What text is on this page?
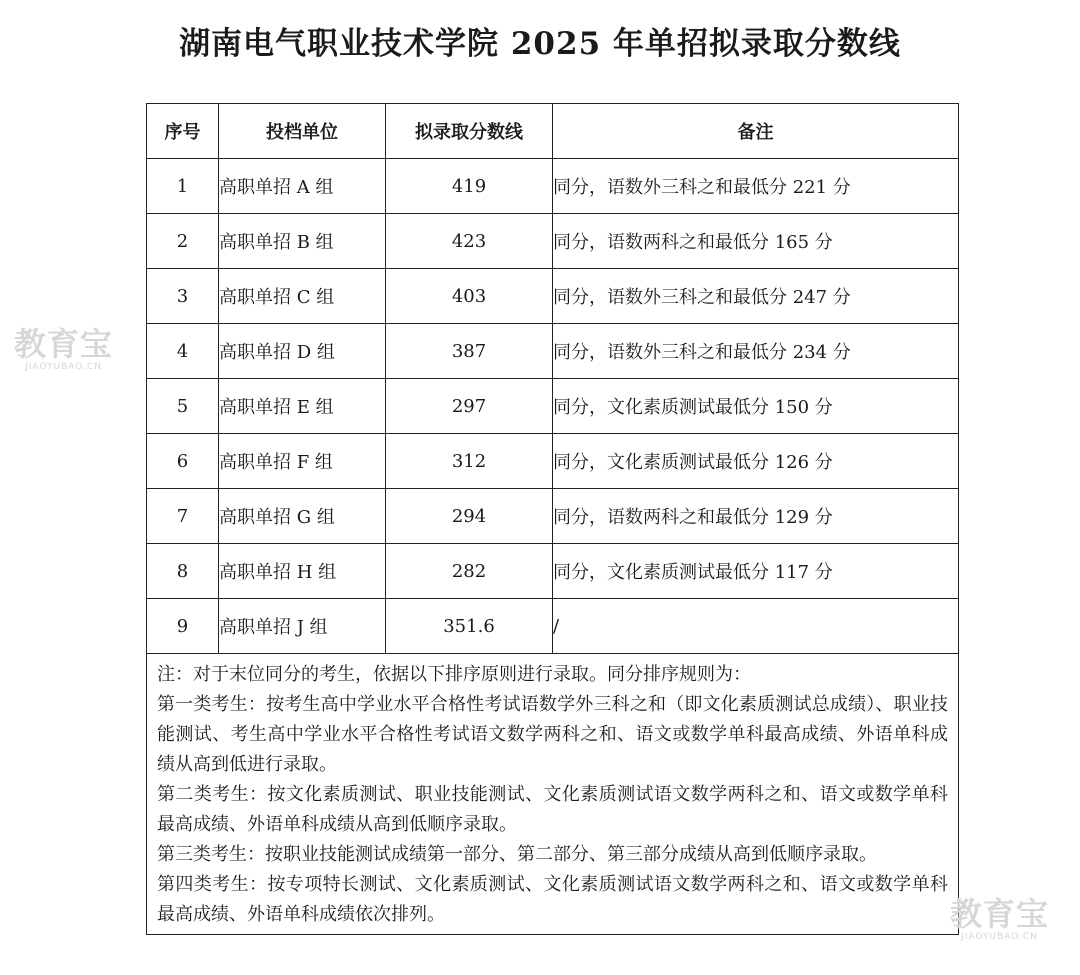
湖南电气职业技术学院 2025 年单招拟录取分数线
序号	投档单位	拟录取分数线	备注
1	高职单招 A 组	419	同分，语数外三科之和最低分 221 分
2	高职单招 B 组	423	同分，语数两科之和最低分 165 分
3	高职单招 C 组	403	同分，语数外三科之和最低分 247 分
4	高职单招 D 组	387	同分，语数外三科之和最低分 234 分
5	高职单招 E 组	297	同分，文化素质测试最低分 150 分
6	高职单招 F 组	312	同分，文化素质测试最低分 126 分
7	高职单招 G 组	294	同分，语数两科之和最低分 129 分
8	高职单招 H 组	282	同分，文化素质测试最低分 117 分
9	高职单招 J 组	351.6	/

注：对于末位同分的考生，依据以下排序原则进行录取。同分排序规则为：

第一类考生：按考生高中学业水平合格性考试语数学外三科之和（即文化素质测试总成绩）、职业技能测试、考生高中学业水平合格性考试语文数学两科之和、语文或数学单科最高成绩、外语单科成绩从高到低进行录取。

第二类考生：按文化素质测试、职业技能测试、文化素质测试语文数学两科之和、语文或数学单科最高成绩、外语单科成绩从高到低顺序录取。

第三类考生：按职业技能测试成绩第一部分、第二部分、第三部分成绩从高到低顺序录取。

第四类考生：按专项特长测试、文化素质测试、文化素质测试语文数学两科之和、语文或数学单科最高成绩、外语单科成绩依次排列。			

教育宝
JIAOYUBAO.CN
教育宝
JIAOYUBAO.CN
